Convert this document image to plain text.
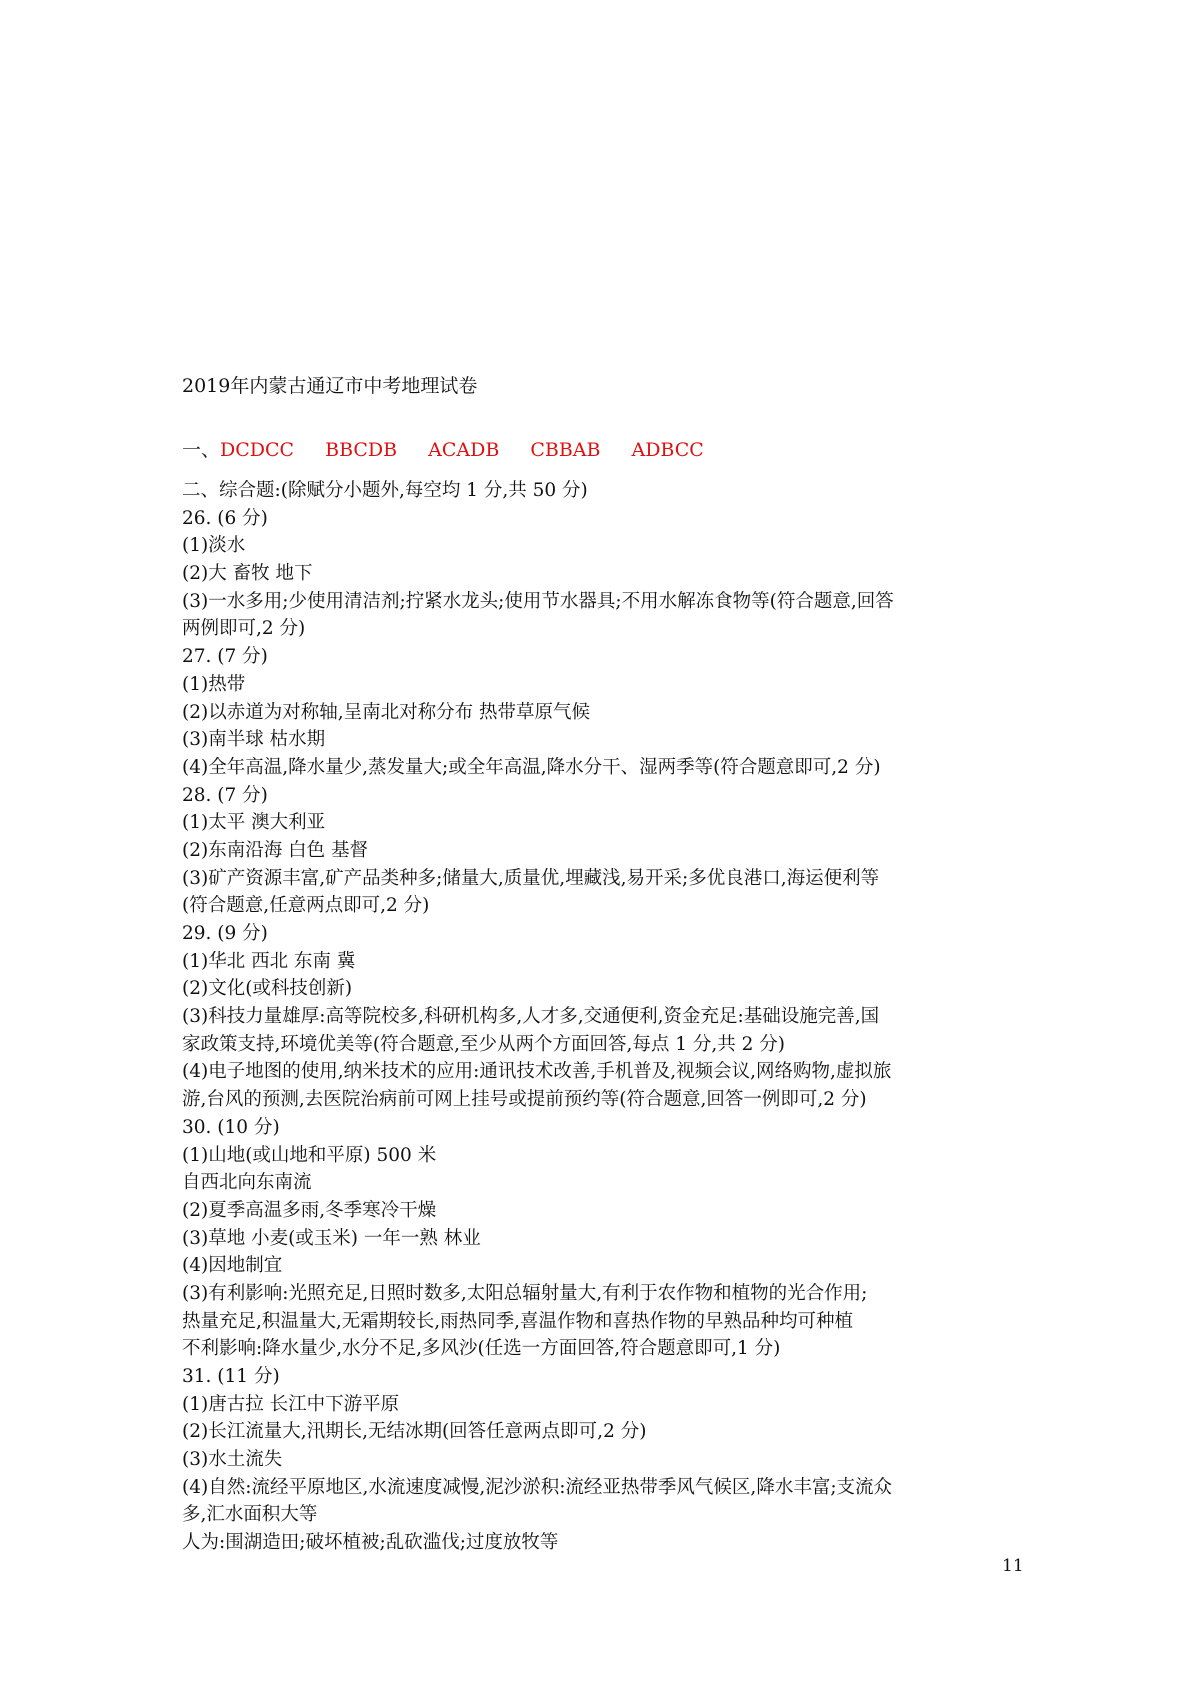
2019年内蒙古通辽市中考地理试卷
一、DCDCC BBCDB ACADB CBBAB ADBCC
二、综合题:(除赋分小题外,每空均 1 分,共 50 分)
26. (6 分)
(1)淡水
(2)大 畜牧 地下
(3)一水多用;少使用清洁剂;拧紧水龙头;使用节水器具;不用水解冻食物等(符合题意,回答
两例即可,2 分)
27. (7 分)
(1)热带
(2)以赤道为对称轴,呈南北对称分布 热带草原气候
(3)南半球 枯水期
(4)全年高温,降水量少,蒸发量大;或全年高温,降水分干、湿两季等(符合题意即可,2 分)
28. (7 分)
(1)太平 澳大利亚
(2)东南沿海 白色 基督
(3)矿产资源丰富,矿产品类种多;储量大,质量优,埋藏浅,易开采;多优良港口,海运便利等
(符合题意,任意两点即可,2 分)
29. (9 分)
(1)华北 西北 东南 冀
(2)文化(或科技创新)
(3)科技力量雄厚:高等院校多,科研机构多,人才多,交通便利,资金充足:基础设施完善,国
家政策支持,环境优美等(符合题意,至少从两个方面回答,每点 1 分,共 2 分)
(4)电子地图的使用,纳米技术的应用:通讯技术改善,手机普及,视频会议,网络购物,虚拟旅
游,台风的预测,去医院治病前可网上挂号或提前预约等(符合题意,回答一例即可,2 分)
30. (10 分)
(1)山地(或山地和平原) 500 米
自西北向东南流
(2)夏季高温多雨,冬季寒冷干燥
(3)草地 小麦(或玉米) 一年一熟 林业
(4)因地制宜
(3)有利影响:光照充足,日照时数多,太阳总辐射量大,有利于农作物和植物的光合作用;
热量充足,积温量大,无霜期较长,雨热同季,喜温作物和喜热作物的早熟品种均可种植
不利影响:降水量少,水分不足,多风沙(任选一方面回答,符合题意即可,1 分)
31. (11 分)
(1)唐古拉 长江中下游平原
(2)长江流量大,汛期长,无结冰期(回答任意两点即可,2 分)
(3)水土流失
(4)自然:流经平原地区,水流速度减慢,泥沙淤积:流经亚热带季风气候区,降水丰富;支流众
多,汇水面积大等
人为:围湖造田;破坏植被;乱砍滥伐;过度放牧等
11
